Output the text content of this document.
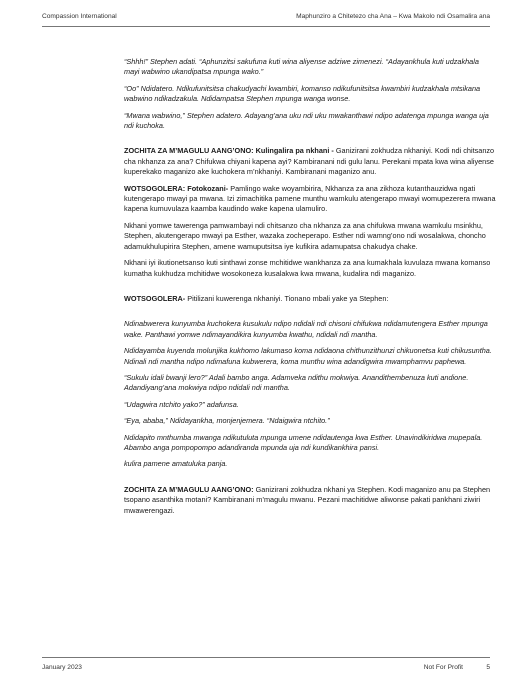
Compassion International	Maphunziro a Chitetezo cha Ana – Kwa Makolo ndi Osamalira ana

“Shhh!” Stephen adati. “Aphunzitsi sakufuna kuti wina aliyense adziwe zimenezi. “Adayankhula kuti udzakhala mayi wabwino ukandipatsa mpunga wako.”

“Oo” Ndidatero. Ndikufunitsitsa chakudyachi kwambiri, komanso ndikufunitsitsa kwambiri kudzakhala mtsikana wabwino ndikadzakula. Ndidampatsa Stephen mpunga wanga wonse.

“Mwana wabwino,” Stephen adatero. Adayang’ana uku ndi uku mwakanthawi ndipo adatenga mpunga wanga uja ndi kuchoka.

ZOCHITA ZA M’MAGULU AANG’ONO: Kulingalira pa nkhani - Ganizirani zokhudza nkhaniyi. Kodi ndi chitsanzo cha nkhanza za ana? Chifukwa chiyani kapena ayi? Kambiranani ndi gulu lanu. Perekani mpata kwa wina aliyense kuperekako maganizo ake kuchokera m’nkhaniyi. Kambiranani maganizo anu.

WOTSOGOLERA: Fotokozani- Pamlingo wake woyambirira, Nkhanza za ana zikhoza kutanthauzidwa ngati kutengerapo mwayi pa mwana. Izi zimachitika pamene munthu wamkulu atengerapo mwayi womupezerera mwana kapena kumuvulaza kaamba kaudindo wake kapena ulamuliro.

Nkhani yomwe tawerenga pamwambayi ndi chitsanzo cha nkhanza za ana chifukwa mwana wamkulu msinkhu, Stephen, akutengerapo mwayi pa Esther, wazaka zocheperapo. Esther ndi wamng’ono ndi wosalakwa, choncho adamukhulupirira Stephen, amene wamuputsitsa iye kufikira adamupatsa chakudya chake.

Nkhani iyi ikutionetsanso kuti sinthawi zonse mchitidwe wankhanza za ana kumakhala kuvulaza mwana komanso kumatha kukhudza mchitidwe wosokoneza kusalakwa kwa mwana, kudalira ndi maganizo.

WOTSOGOLERA- Pitilizani kuwerenga nkhaniyi. Tionano mbali yake ya Stephen:

Ndinabwerera kunyumba kuchokera kusukulu ndipo ndidali ndi chisoni chifukwa ndidamutengera Esther mpunga wake. Panthawi yomwe ndimayandikira kunyumba kwathu, ndidali ndi mantha.

Ndidayamba kuyenda molunjika kukhomo lakumaso koma ndidaona chithunzithunzi chikuonetsa kuti chikusuntha. Ndinali ndi mantha ndipo ndimafuna kubwerera, koma munthu wina adandigwira mwamphamvu paphewa.

“Sukulu idali bwanji lero?” Adali bambo anga. Adamveka ndithu mokwiya. Anandithembenuza kuti andione. Adandiyang’ana mokwiya ndipo ndidali ndi mantha.

“Udagwira ntchito yako?” adafunsa.

“Eya, ababa,” Ndidayankha, monjenjemera. “Ndaigwira ntchito.”

Ndidapito mnthumba mwanga ndikutuluta mpunga umene ndidautenga kwa Esther. Unavindikiridwa mupepala. Abambo anga pompopompo adandiranda mpunda uja ndi kundikankhira pansi.

kulira pamene amatuluka panja.

ZOCHITA ZA M’MAGULU AANG’ONO: Ganizirani zokhudza nkhani ya Stephen. Kodi maganizo anu pa Stephen tsopano asanthika motani? Kambiranani m’magulu mwanu. Pezani machitidwe aliwonse pakati pankhani ziwiri mwawerengazi.

January 2023	Not For Profit	5
